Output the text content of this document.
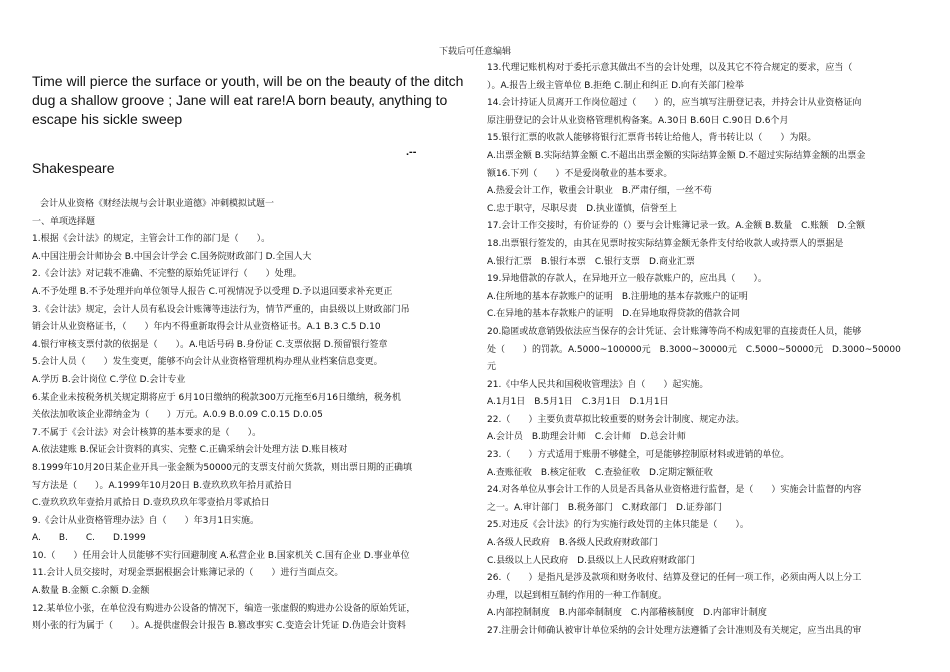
下载后可任意编辑
Time will pierce the surface or youth, will be on the beauty of the ditch
dug a shallow groove ; Jane will eat rare!A born beauty, anything to
escape his sickle sweep
.--
Shakespeare
会计从业资格《财经法规与会计职业道德》冲刺模拟试题一
一、单项选择题
1.根据《会计法》的规定，主管会计工作的部门是（　　）。
A.中国注册会计师协会 B.中国会计学会 C.国务院财政部门 D.全国人大
2.《会计法》对记载不准确、不完整的原始凭证评行（　　）处理。
A.不予处理 B.不予处理并向单位领导人报告 C.可视情况予以受理 D.予以退回要求补充更正
3.《会计法》规定，会计人员有私设会计账簿等违法行为，情节严重的，由县级以上财政部门吊
销会计从业资格证书，（　　）年内不得重新取得会计从业资格证书。A.1 B.3 C.5 D.10
4.银行审核支票付款的依据是（　　）。A.电话号码 B.身份证 C.支票依据 D.预留银行签章
5.会计人员（　　）发生变更，能够不向会计从业资格管理机构办理从业档案信息变更。
A.学历 B.会计岗位 C.学位 D.会计专业
6.某企业未按税务机关规定期将应于 6月10日缴纳的税款300万元拖至6月16日缴纳，税务机
关依法加收该企业滞纳金为（　　）万元。A.0.9 B.0.09 C.0.15 D.0.05
7.不属于《会计法》对会计核算的基本要求的是（　　）。
A.依法建账 B.保证会计资料的真实、完整 C.正确采纳会计处理方法 D.账目核对
8.1999年10月20日某企业开具一张金额为50000元的支票支付前欠货款，则出票日期的正确填
写方法是（　　）。A.1999年10月20日 B.壹玖玖玖年拾月贰拾日
C.壹玖玖玖年壹拾月贰拾日 D.壹玖玖玖年零壹拾月零贰拾日
9.《会计从业资格管理办法》自（　　）年3月1日实施。
A.　　B.　　C.　　D.1999
10.（　　）任用会计人员能够不实行回避制度 A.私营企业 B.国家机关 C.国有企业 D.事业单位
11.会计人员交接时，对现金票据根据会计账簿记录的（　　）进行当面点交。
A.数量 B.金额 C.余额 D.金额
12.某单位小张，在单位没有购进办公设备的情况下，编造一张虚假的购进办公设备的原始凭证，
则小张的行为属于（　　）。A.提供虚假会计报告 B.篡改事实 C.变造会计凭证 D.伪造会计资料
13.代理记账机构对于委托示意其做出不当的会计处理，以及其它不符合规定的要求，应当（
）。A.报告上级主管单位 B.拒绝 C.制止和纠正 D.向有关部门检举
14.会计持证人员离开工作岗位超过（　　）的，应当填写注册登记表，并持会计从业资格证向
原注册登记的会计从业资格管理机构备案。A.30日 B.60日 C.90日 D.6个月
15.银行汇票的收款人能够将银行汇票背书转让给他人，背书转让以（　　）为限。
A.出票金额 B.实际结算金额 C.不超出出票金额的实际结算金额 D.不超过实际结算金额的出票金
额16.下列（　　）不是爱岗敬业的基本要求。
A.热爱会计工作，敬重会计职业　B.严肃仔细，一丝不苟
C.忠于职守，尽职尽责　D.执业谨慎，信誉至上
17.会计工作交接时，有价证券的（）要与会计账簿记录一致。A.金额 B.数量　C.账额　D.全额
18.出票银行签发的，由其在见票时按实际结算金额无条件支付给收款人或持票人的票据是
A.银行汇票　B.银行本票　C.银行支票　D.商业汇票
19.异地借款的存款人，在异地开立一般存款账户的，应出具（　　）。
A.住所地的基本存款账户的证明　B.注册地的基本存款账户的证明
C.在异地的基本存款账户的证明　D.在异地取得贷款的借款合同
20.隐匿或故意销毁依法应当保存的会计凭证、会计账簿等尚不构成犯罪的直接责任人员，能够
处（　　）的罚款。A.5000~100000元　B.3000~30000元　C.5000~50000元　D.3000~50000
元
21.《中华人民共和国税收管理法》自（　　）起实施。
A.1月1日　B.5月1日　C.3月1日　D.1月1日
22.（　　）主要负责草拟比较重要的财务会计制度、规定办法。
A.会计员　B.助理会计师　C.会计师　D.总会计师
23.（　　）方式适用于账册不够健全，可是能够控制原材料或进销的单位。
A.查账征收　B.核定征收　C.查验征收　D.定期定额征收
24.对各单位从事会计工作的人员是否具备从业资格进行监督，是（　　）实施会计监督的内容
之一。A.审计部门　B.税务部门　C.财政部门　D.证券部门
25.对违反《会计法》的行为实施行政处罚的主体只能是（　　）。
A.各级人民政府　B.各级人民政府财政部门
C.县级以上人民政府　D.县级以上人民政府财政部门
26.（　　）是指凡是涉及款项和财务收付、结算及登记的任何一项工作，必须由两人以上分工
办理，以起到相互制约作用的一种工作制度。
A.内部控制制度　B.内部牵制制度　C.内部稽核制度　D.内部审计制度
27.注册会计师确认被审计单位采纳的会计处理方法遵循了会计准则及有关规定，应当出具的审
